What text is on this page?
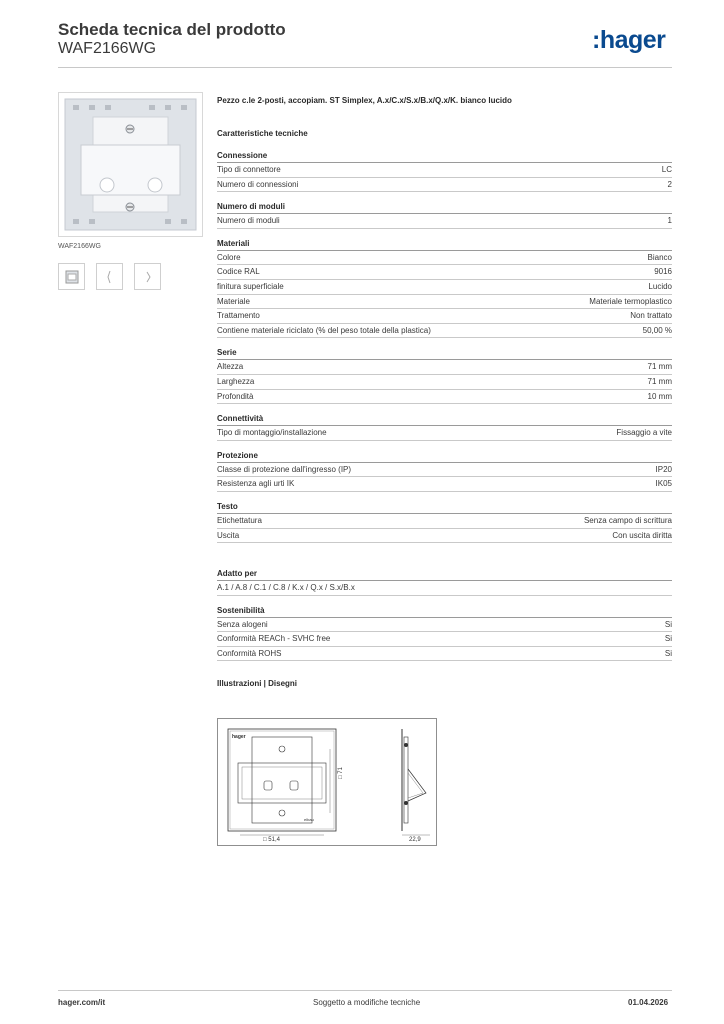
Scheda tecnica del prodotto
WAF2166WG	:hager
WAF2166WG
Pezzo c.le 2-posti, accopiam. ST Simplex, A.x/C.x/S.x/B.x/Q.x/K. bianco lucido
Caratteristiche tecniche
Connessione
Tipo di connettore	LC
Numero di connessioni	2
Numero di moduli
Numero di moduli	1
Materiali
Colore	Bianco
Codice RAL	9016
finitura superficiale	Lucido
Materiale	Materiale termoplastico
Trattamento	Non trattato
Contiene materiale riciclato (% del peso totale della plastica)	50,00 %
Serie
Altezza	71 mm
Larghezza	71 mm
Profondità	10 mm
Connettività
Tipo di montaggio/installazione	Fissaggio a vite
Protezione
Classe di protezione dall'ingresso (IP)	IP20
Resistenza agli urti IK	IK05
Testo
Etichettatura	Senza campo di scrittura
Uscita	Con uscita diritta
Adatto per
A.1 / A.8 / C.1 / C.8 / K.x / Q.x / S.x/B.x
Sostenibilità
Senza alogeni	Si
Conformità REACh - SVHC free	Si
Conformità ROHS	Si
Illustrazioni | Disegni
hager
elbau
□ 51,4
□ 71
22,9
hager.com/it	Soggetto a modifiche tecniche	01.04.2026
